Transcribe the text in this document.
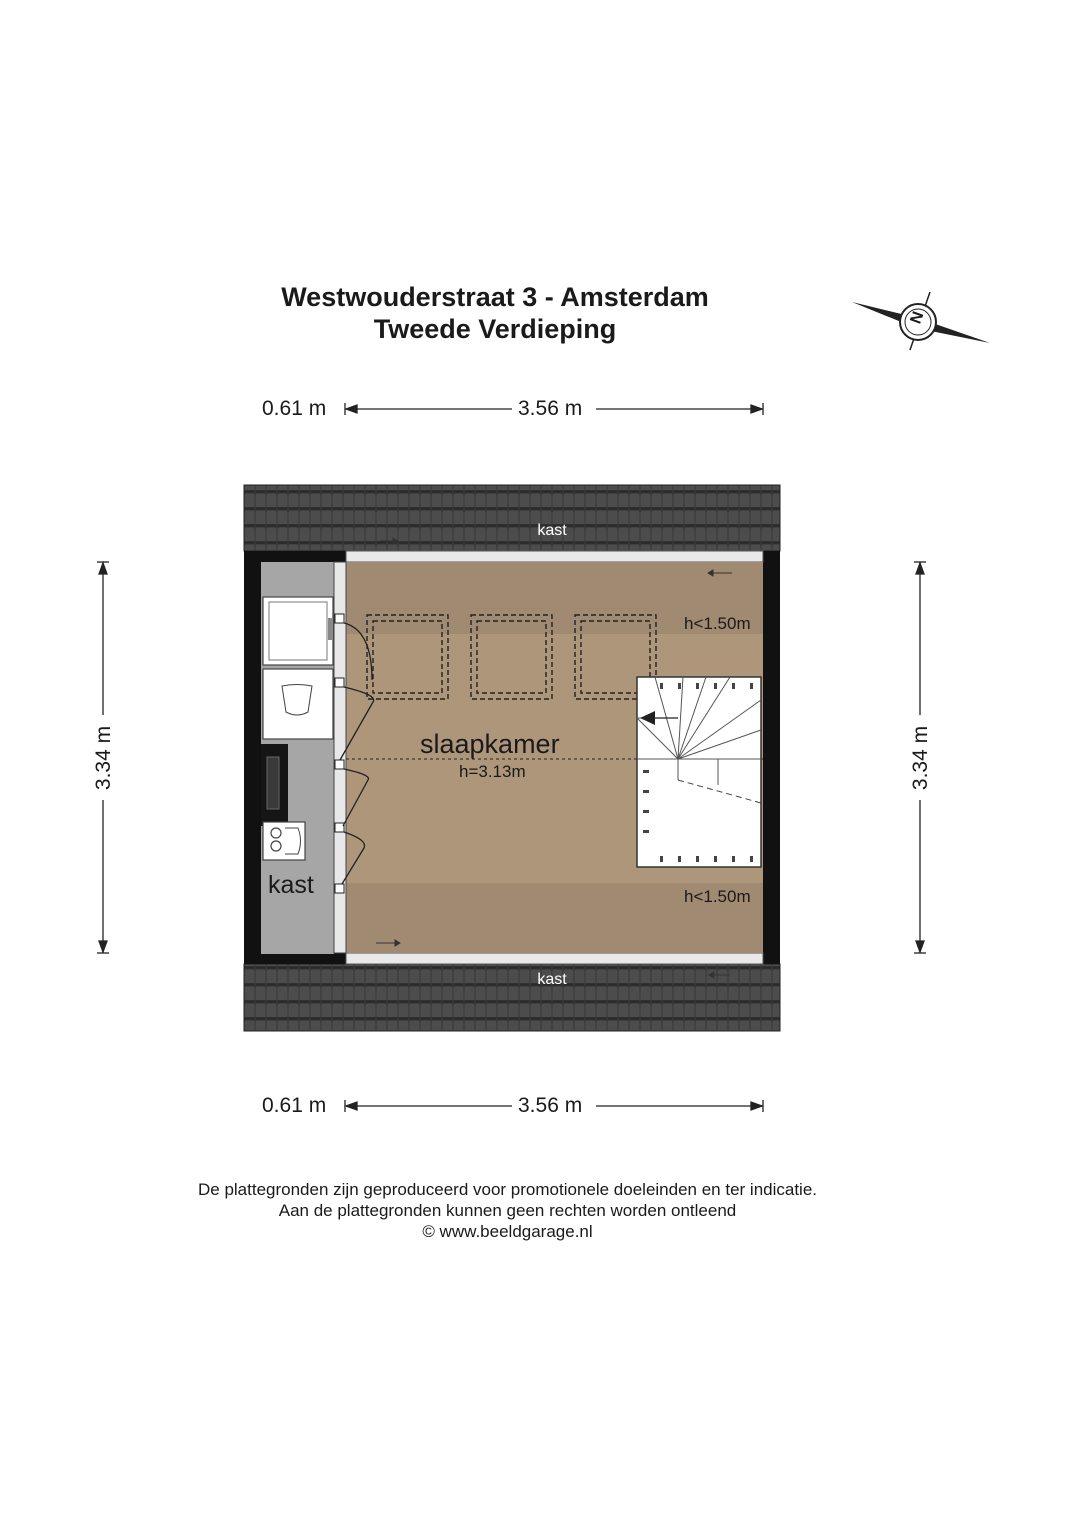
Westwouderstraat 3 - Amsterdam
Tweede Verdieping	N
0.61 m	3.56 m
0.61 m	3.56 m
3.34 m	3.34 m
kast
kast
kast
slaapkamer
h=3.13m
h<1.50m
h<1.50m
De plattegronden zijn geproduceerd voor promotionele doeleinden en ter indicatie.
Aan de plattegronden kunnen geen rechten worden ontleend
© www.beeldgarage.nl
